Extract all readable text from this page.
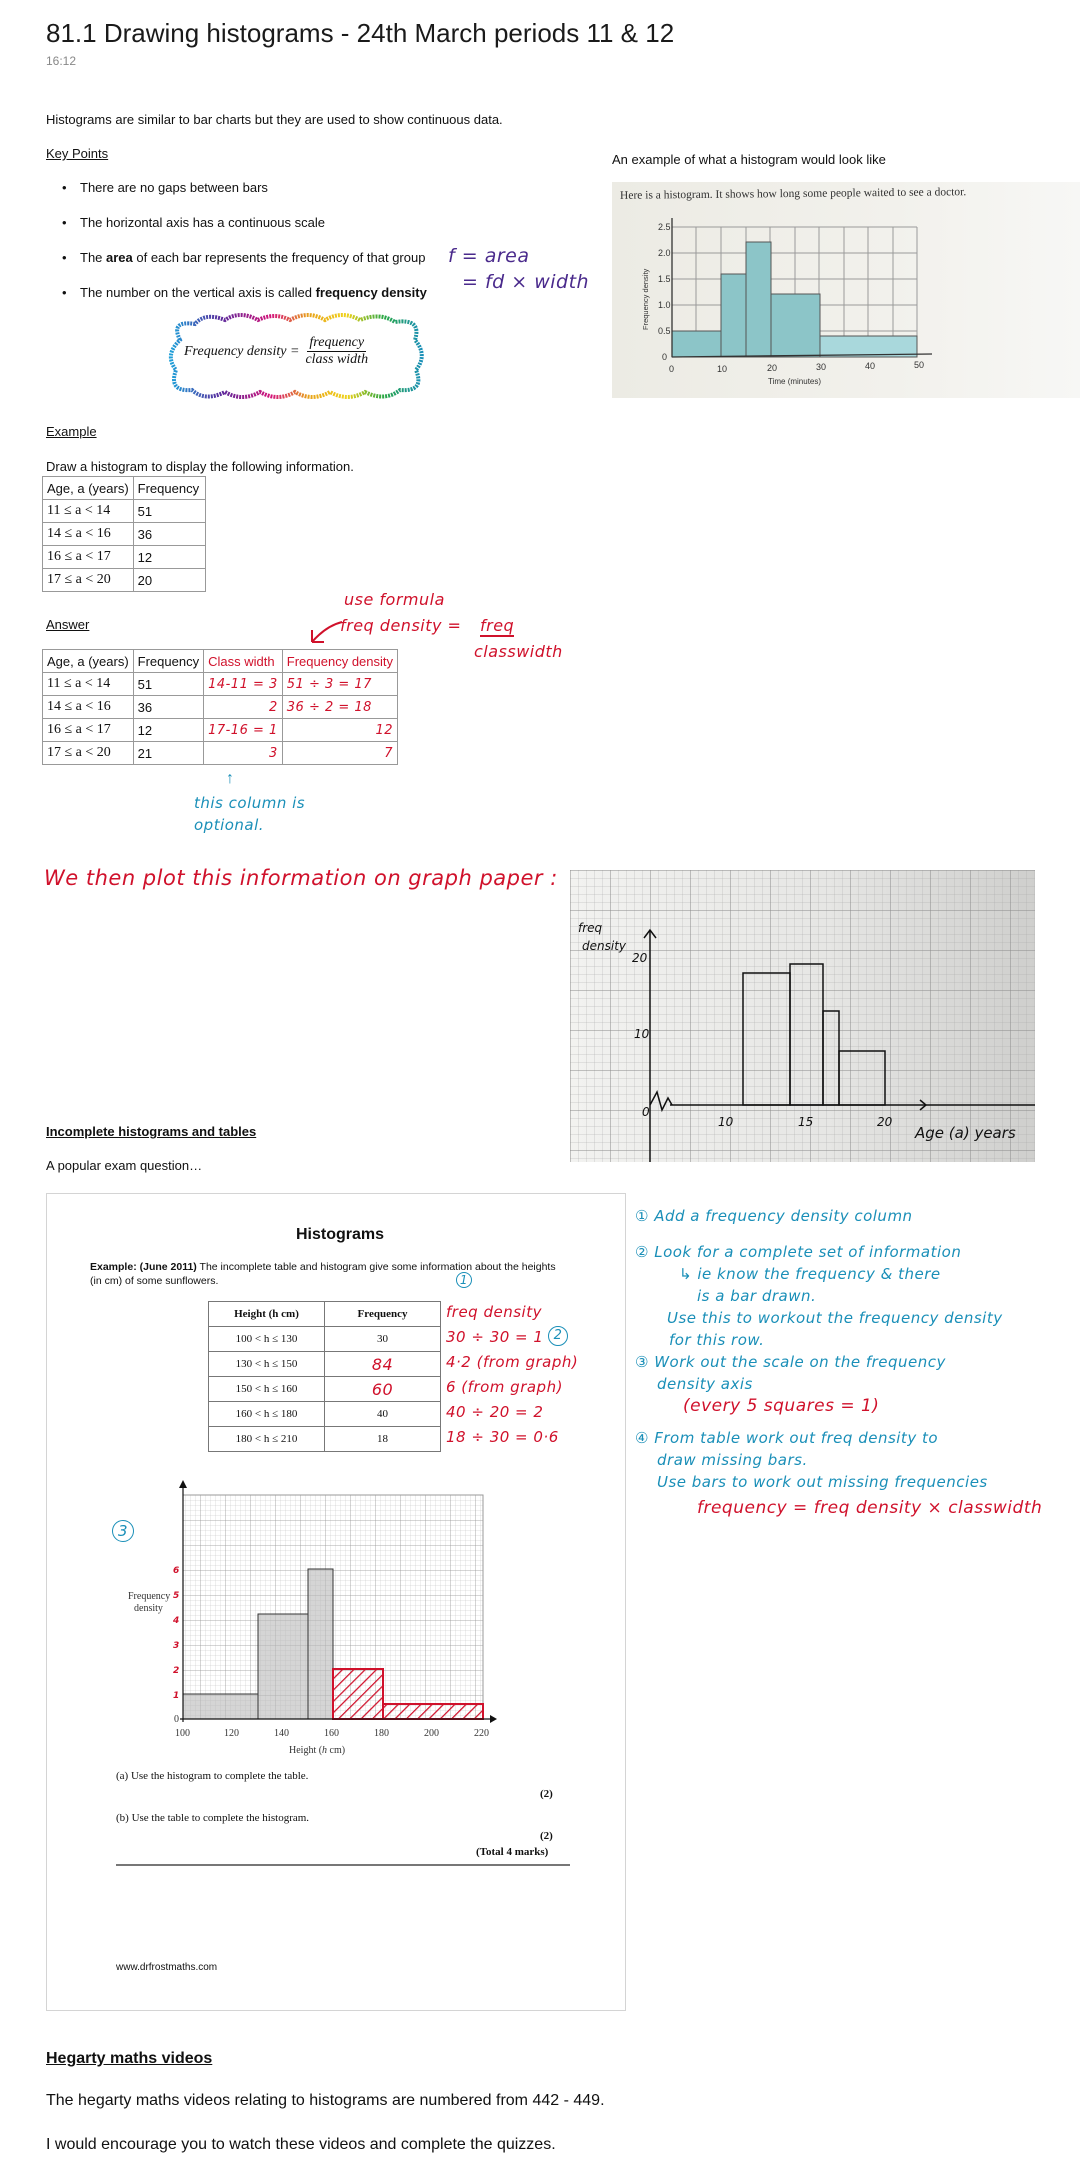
81.1 Drawing histograms - 24th March periods 11 & 12
16:12
Histograms are similar to bar charts but they are used to show continuous data.
Key Points
• There are no gaps between bars
• The horizontal axis has a continuous scale
• The area of each bar represents the frequency of that group
• The number on the vertical axis is called frequency density
Frequency density = $\frac{\text{frequency}}{\text{class width}}$
f = area
= fd × width
An example of what a histogram would look like
Here is a histogram. It shows how long some people waited to see a doctor.
2.5
2.0
1.5
1.0
0.5
0
0	10	20	30	40	50
Time (minutes)
Frequency density
Example
Draw a histogram to display the following information.
Age, a (years)	Frequency
11 ≤ a < 14	51
14 ≤ a < 16	36
16 ≤ a < 17	12
17 ≤ a < 20	20
Answer
Age, a (years)	Frequency	Class width	Frequency density
11 ≤ a < 14	51	14-11 = 3	51 ÷ 3 = 17
14 ≤ a < 16	36	2	36 ÷ 2 = 18
16 ≤ a < 17	12	17-16 = 1	12
17 ≤ a < 20	21	3	7
use formula
freq density = freq
classwidth
↑
this column is
optional.
We then plot this information on graph paper :
freq
density
20
10
0
10	15	20
Age (a) years
Incomplete histograms and tables
A popular exam question…
Histograms
Example: (June 2011) The incomplete table and histogram give some information about the heights (in cm) of some sunflowers.	1
Height (h cm)	Frequency
100 < h ≤ 130	30
130 < h ≤ 150	84
150 < h ≤ 160	60
160 < h ≤ 180	40
180 < h ≤ 210	18
freq density
30 ÷ 30 = 1
4·2 (from graph)
6 (from graph)
40 ÷ 20 = 2
18 ÷ 30 = 0·6
2
3
0
100	120	140	160	180	200	220
Height (h cm)
Frequency
density
1
2
3
4
5
6
(a) Use the histogram to complete the table.
(2)
(b) Use the table to complete the histogram.
(2)
(Total 4 marks)
www.drfrostmaths.com
① Add a frequency density column
② Look for a complete set of information
↳ ie know the frequency & there
is a bar drawn.
Use this to workout the frequency density
for this row.
③ Work out the scale on the frequency
density axis
(every 5 squares = 1)
④ From table work out freq density to
draw missing bars.
Use bars to work out missing frequencies
frequency = freq density × classwidth
Hegarty maths videos
The hegarty maths videos relating to histograms are numbered from 442 - 449.
I would encourage you to watch these videos and complete the quizzes.
